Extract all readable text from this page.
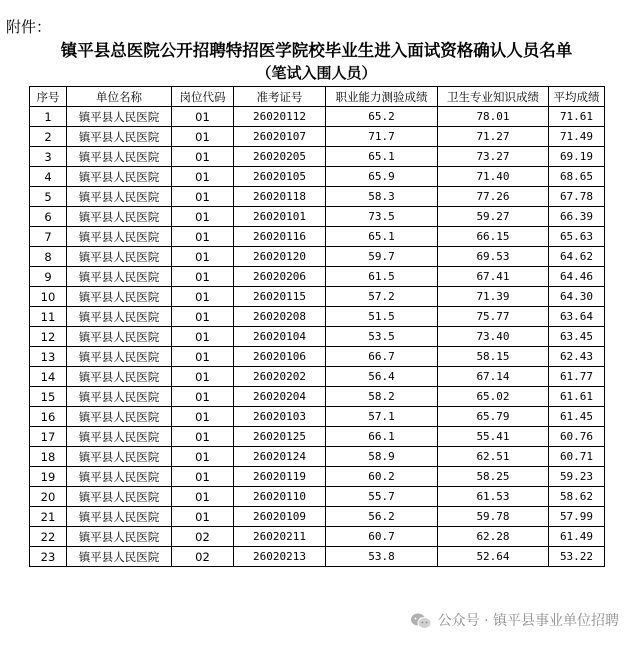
附件：
镇平县总医院公开招聘特招医学院校毕业生进入面试资格确认人员名单
（笔试入围人员）
序号	单位名称	岗位代码	准考证号	职业能力测验成绩	卫生专业知识成绩	平均成绩
1	镇平县人民医院	01	26020112	65.2	78.01	71.61
2	镇平县人民医院	01	26020107	71.7	71.27	71.49
3	镇平县人民医院	01	26020205	65.1	73.27	69.19
4	镇平县人民医院	01	26020105	65.9	71.40	68.65
5	镇平县人民医院	01	26020118	58.3	77.26	67.78
6	镇平县人民医院	01	26020101	73.5	59.27	66.39
7	镇平县人民医院	01	26020116	65.1	66.15	65.63
8	镇平县人民医院	01	26020120	59.7	69.53	64.62
9	镇平县人民医院	01	26020206	61.5	67.41	64.46
10	镇平县人民医院	01	26020115	57.2	71.39	64.30
11	镇平县人民医院	01	26020208	51.5	75.77	63.64
12	镇平县人民医院	01	26020104	53.5	73.40	63.45
13	镇平县人民医院	01	26020106	66.7	58.15	62.43
14	镇平县人民医院	01	26020202	56.4	67.14	61.77
15	镇平县人民医院	01	26020204	58.2	65.02	61.61
16	镇平县人民医院	01	26020103	57.1	65.79	61.45
17	镇平县人民医院	01	26020125	66.1	55.41	60.76
18	镇平县人民医院	01	26020124	58.9	62.51	60.71
19	镇平县人民医院	01	26020119	60.2	58.25	59.23
20	镇平县人民医院	01	26020110	55.7	61.53	58.62
21	镇平县人民医院	01	26020109	56.2	59.78	57.99
22	镇平县人民医院	02	26020211	60.7	62.28	61.49
23	镇平县人民医院	02	26020213	53.8	52.64	53.22
公众号 · 镇平县事业单位招聘
